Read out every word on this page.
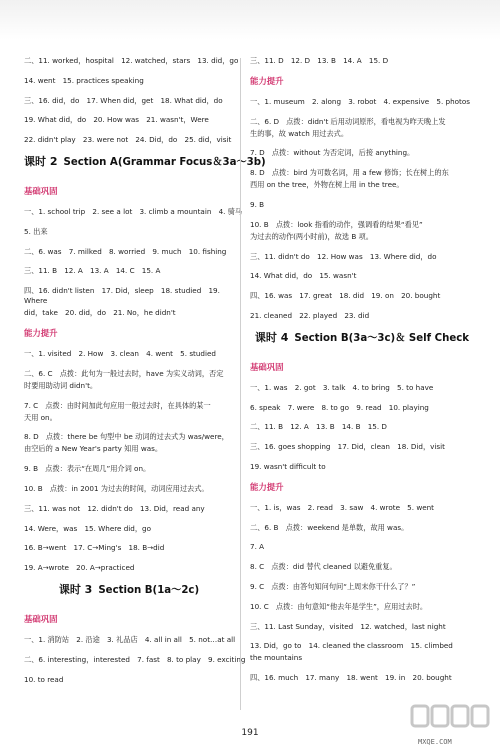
二、11. worked，hospital　12. watched，stars　13. did，go
14. went　15. practices speaking
三、16. did，do　17. When did，get　18. What did，do
19. What did，do　20. How was　21. wasn't，Were
22. didn't play　23. were not　24. Did，do　25. did，visit
课时 2 Section A(Grammar Focus＆3a～3b)
基础巩固
一、1. school trip　2. see a lot　3. climb a mountain　4. 骑马
5. 出来
二、6. was　7. milked　8. worried　9. much　10. fishing
三、11. B　12. A　13. A　14. C　15. A
四、16. didn't listen　17. Did，sleep　18. studied　19. Where
did，take　20. did，do　21. No，he didn't
能力提升
一、1. visited　2. How　3. clean　4. went　5. studied
二、6. C　点拨：此句为一般过去时，have 为实义动词，否定
时要用助动词 didn't。
7. C　点拨：由时间加此句应用一般过去时，在具体的某一
天用 on。
8. D　点拨：there be 句型中 be 动词的过去式为 was/were，
由空后的 a New Year's party 知用 was。
9. B　点拨：表示“在周几”用介词 on。
10. B　点拨：in 2001 为过去的时间，动词应用过去式。
三、11. was not　12. didn't do　13. Did，read any
14. Were，was　15. Where did，go
16. B→went　17. C→Ming's　18. B→did
19. A→wrote　20. A→practiced
课时 3 Section B(1a～2c)
基础巩固
一、1. 消防站　2. 沿途　3. 礼品店　4. all in all　5. not…at all
二、6. interesting，interested　7. fast　8. to play　9. exciting
10. to read
三、11. D　12. D　13. B　14. A　15. D
能力提升
一、1. museum　2. along　3. robot　4. expensive　5. photos
二、6. D　点拨：didn't 后用动词原形，看电视为昨天晚上发
生的事，故 watch 用过去式。
7. D　点拨：without 为否定词，后接 anything。
8. D　点拨：bird 为可数名词，用 a few 修饰；长在树上的东
西用 on the tree，外物在树上用 in the tree。
9. B
10. B　点拨：look 指看的动作，强调看的结果“看见”
为过去的动作(两小时前)，故选 B 项。
三、11. didn't do　12. How was　13. Where did，do
14. What did，do　15. wasn't
四、16. was　17. great　18. did　19. on　20. bought
21. cleaned　22. played　23. did
课时 4 Section B(3a～3c)＆ Self Check
基础巩固
一、1. was　2. got　3. talk　4. to bring　5. to have
6. speak　7. were　8. to go　9. read　10. playing
二、11. B　12. A　13. B　14. B　15. D
三、16. goes shopping　17. Did，clean　18. Did，visit
19. wasn't difficult to
能力提升
一、1. is，was　2. read　3. saw　4. wrote　5. went
二、6. B　点拨：weekend 是单数，故用 was。
7. A
8. C　点拨：did 替代 cleaned 以避免重复。
9. C　点拨：由答句知问句问“上周末你干什么了？”
10. C　点拨：由句意知“他去年是学生”，应用过去时。
三、11. Last Sunday，visited　12. watched，last night
13. Did，go to　14. cleaned the classroom　15. climbed
the mountains
四、16. much　17. many　18. went　19. in　20. bought
191
MXQE.COM
